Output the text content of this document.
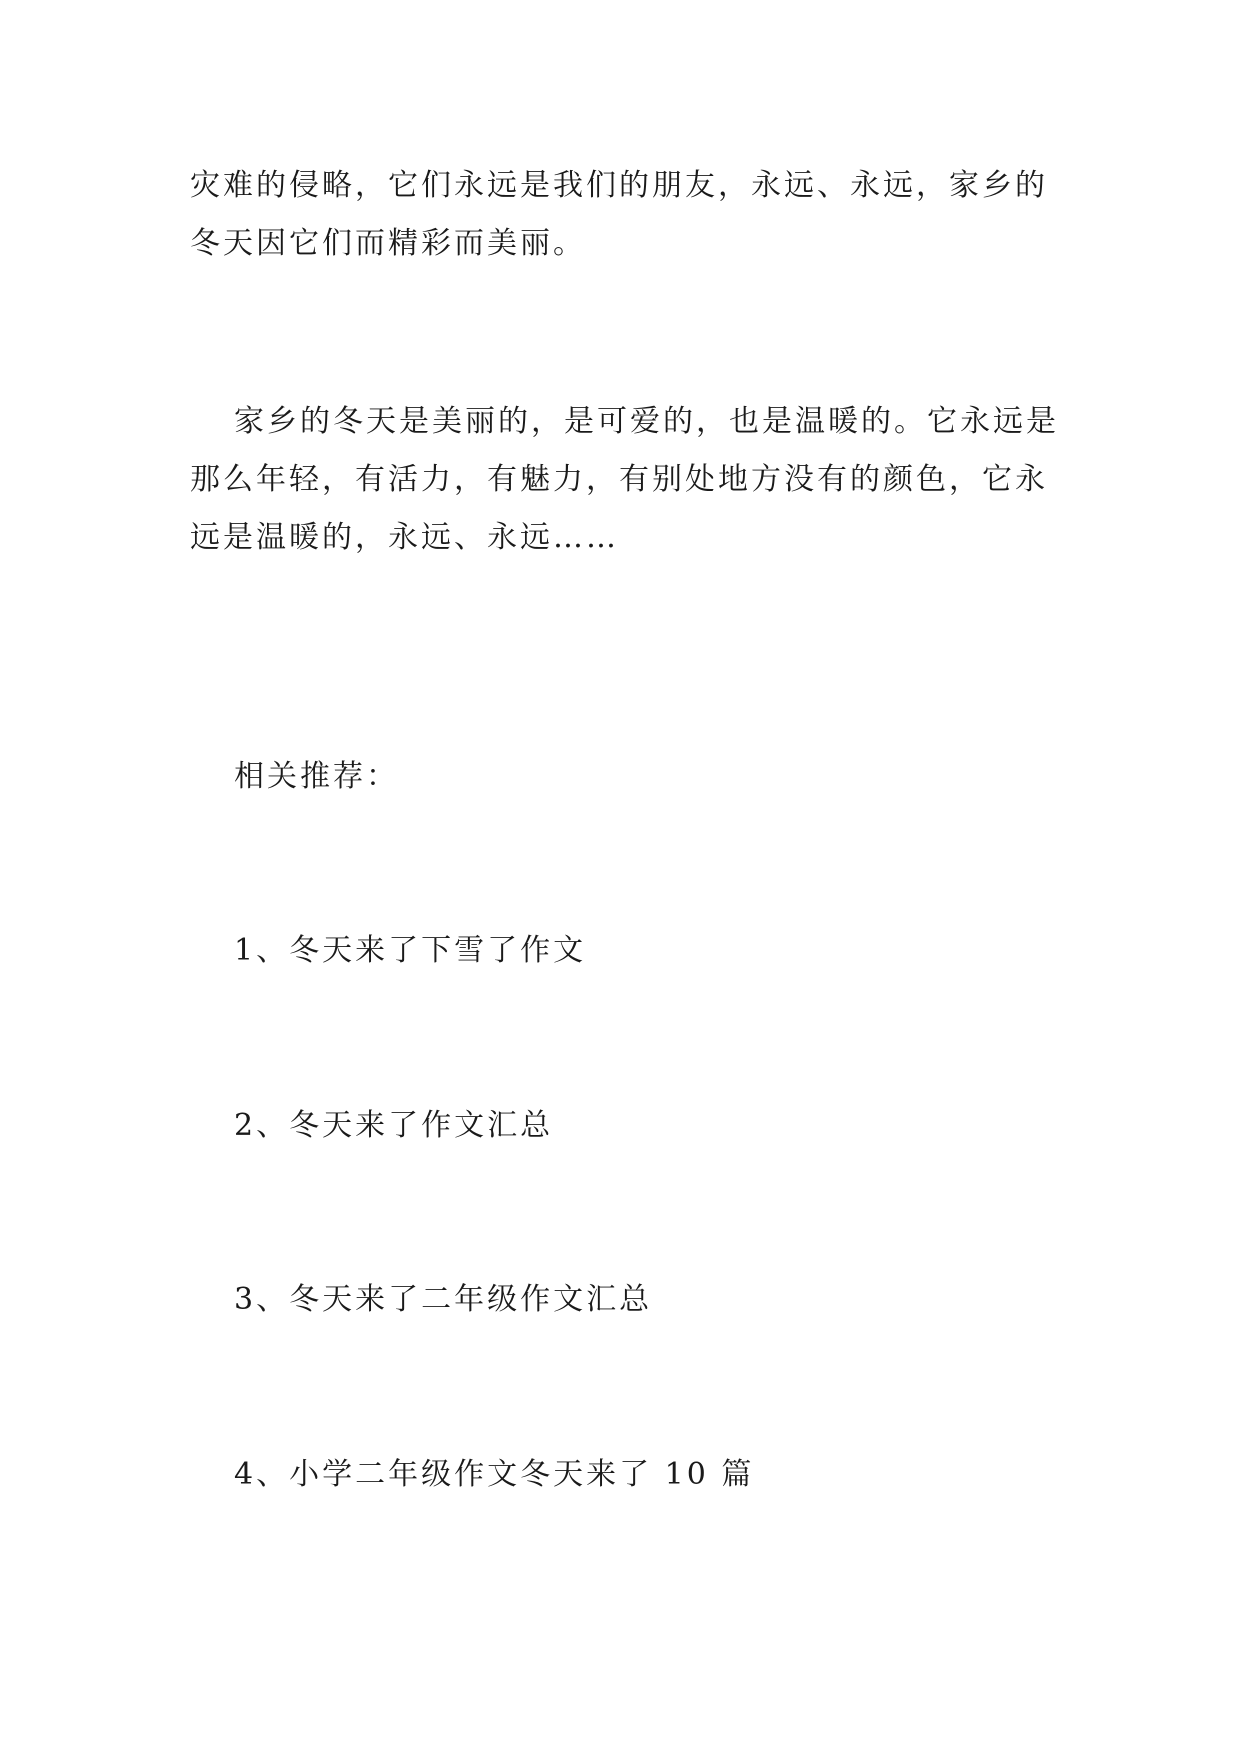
灾难的侵略，它们永远是我们的朋友，永远、永远，家乡的
冬天因它们而精彩而美丽。

家乡的冬天是美丽的，是可爱的，也是温暖的。它永远是
那么年轻，有活力，有魅力，有别处地方没有的颜色，它永
远是温暖的，永远、永远……

相关推荐：

1、冬天来了下雪了作文

2、冬天来了作文汇总

3、冬天来了二年级作文汇总

4、小学二年级作文冬天来了 10 篇
